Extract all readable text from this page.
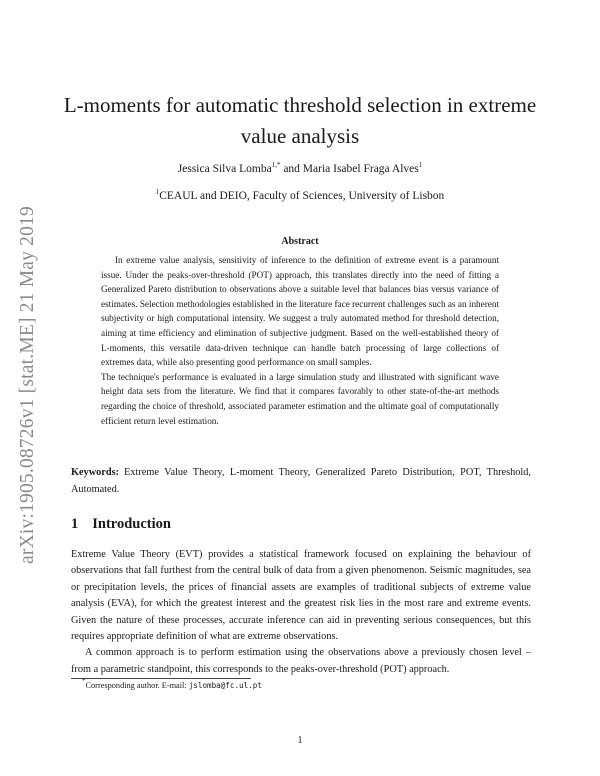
arXiv:1905.08726v1 [stat.ME] 21 May 2019
L-moments for automatic threshold selection in extreme
value analysis
Jessica Silva Lomba$^{1,*}$ and Maria Isabel Fraga Alves$^1$
$^1$CEAUL and DEIO, Faculty of Sciences, University of Lisbon
Abstract

In extreme value analysis, sensitivity of inference to the definition of extreme event is a paramount issue. Under the peaks-over-threshold (POT) approach, this translates directly into the need of fitting a Generalized Pareto distribution to observations above a suitable level that balances bias versus variance of estimates. Selection methodologies established in the literature face recurrent challenges such as an inherent subjectivity or high computational intensity. We suggest a truly automated method for threshold detection, aiming at time efficiency and elimination of subjective judgment. Based on the well-established theory of L-moments, this versatile data-driven technique can handle batch processing of large collections of extremes data, while also presenting good performance on small samples.

The technique's performance is evaluated in a large simulation study and illustrated with significant wave height data sets from the literature. We find that it compares favorably to other state-of-the-art methods regarding the choice of threshold, associated parameter estimation and the ultimate goal of computationally efficient return level estimation.

Keywords: Extreme Value Theory, L-moment Theory, Generalized Pareto Distribution, POT, Threshold, Automated.
1 Introduction

Extreme Value Theory (EVT) provides a statistical framework focused on explaining the behaviour of observations that fall furthest from the central bulk of data from a given phenomenon. Seismic magnitudes, sea or precipitation levels, the prices of financial assets are examples of traditional subjects of extreme value analysis (EVA), for which the greatest interest and the greatest risk lies in the most rare and extreme events. Given the nature of these processes, accurate inference can aid in preventing serious consequences, but this requires appropriate definition of what are extreme observations.

A common approach is to perform estimation using the observations above a previously chosen level – from a parametric standpoint, this corresponds to the peaks-over-threshold (POT) approach.

*Corresponding author. E-mail: jslomba@fc.ul.pt
1
